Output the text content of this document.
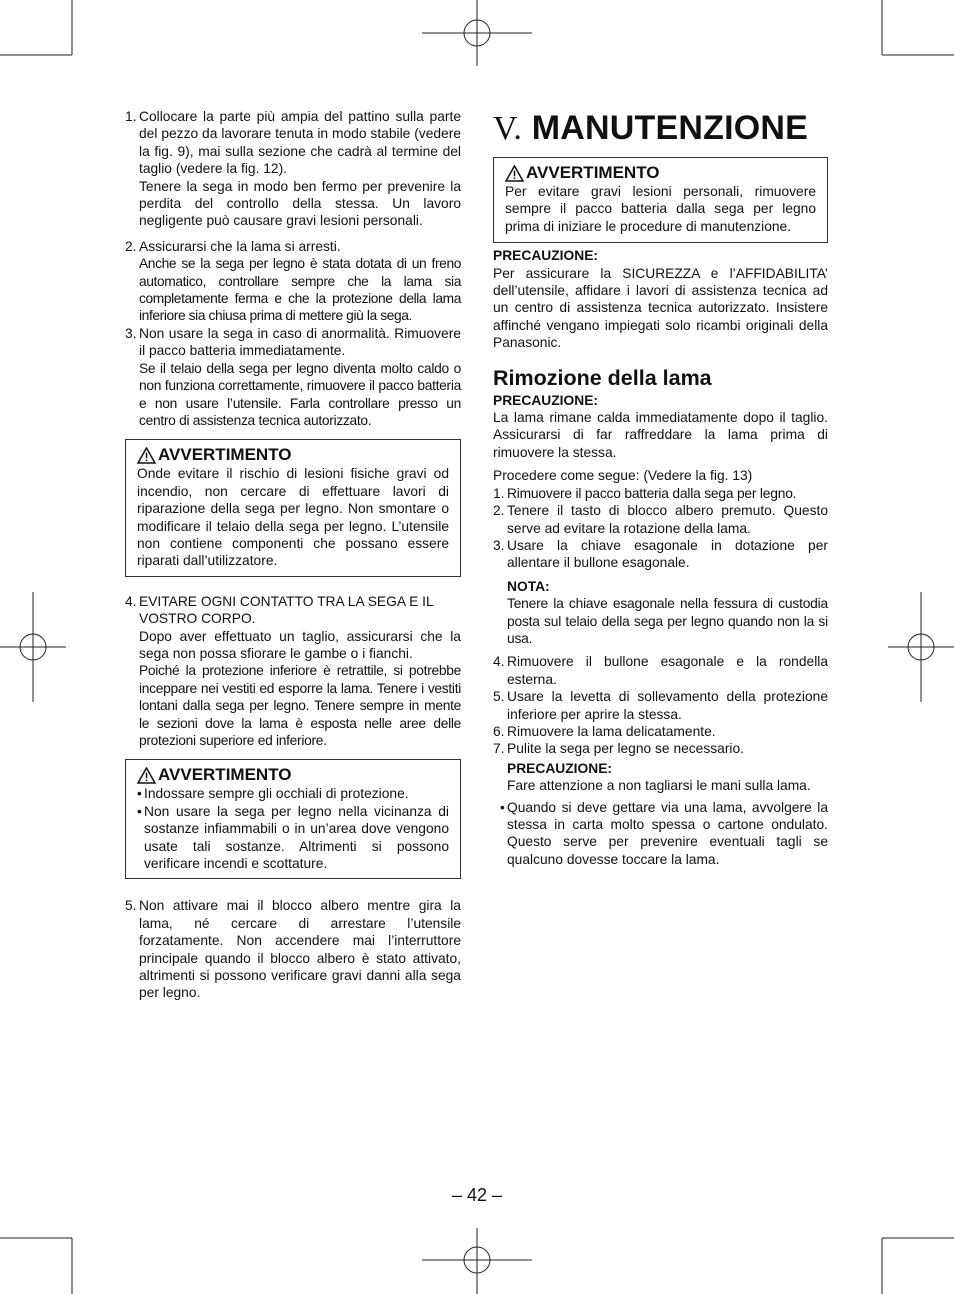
1. Collocare la parte più ampia del pattino sulla parte del pezzo da lavorare tenuta in modo stabile (vedere la fig. 9), mai sulla sezione che cadrà al termine del taglio (vedere la fig. 12).

Tenere la sega in modo ben fermo per prevenire la perdita del controllo della stessa. Un lavoro negligente può causare gravi lesioni personali.

2. Assicurarsi che la lama si arresti.

Anche se la sega per legno è stata dotata di un freno automatico, controllare sempre che la lama sia completamente ferma e che la protezione della lama inferiore sia chiusa prima di mettere giù la sega.

3. Non usare la sega in caso di anormalità. Rimuovere il pacco batteria immediatamente.

Se il telaio della sega per legno diventa molto caldo o non funziona correttamente, rimuovere il pacco batteria e non usare l’utensile. Farla controllare presso un centro di assistenza tecnica autorizzato.

AVVERTIMENTO
Onde evitare il rischio di lesioni fisiche gravi od incendio, non cercare di effettuare lavori di riparazione della sega per legno. Non smontare o modificare il telaio della sega per legno. L’utensile non contiene componenti che possano essere riparati dall’utilizzatore.
4. EVITARE OGNI CONTATTO TRA LA SEGA E IL VOSTRO CORPO.

Dopo aver effettuato un taglio, assicurarsi che la sega non possa sfiorare le gambe o i fianchi.

Poiché la protezione inferiore è retrattile, si potrebbe inceppare nei vestiti ed esporre la lama. Tenere i vestiti lontani dalla sega per legno. Tenere sempre in mente le sezioni dove la lama è esposta nelle aree delle protezioni superiore ed inferiore.

AVVERTIMENTO
• Indossare sempre gli occhiali di protezione.
• Non usare la sega per legno nella vicinanza di sostanze infiammabili o in un’area dove vengono usate tali sostanze. Altrimenti si possono verificare incendi e scottature.
5. Non attivare mai il blocco albero mentre gira la lama, né cercare di arrestare l’utensile forzatamente. Non accendere mai l’interruttore principale quando il blocco albero è stato attivato, altrimenti si possono verificare gravi danni alla sega per legno.

V. MANUTENZIONE
AVVERTIMENTO
Per evitare gravi lesioni personali, rimuovere sempre il pacco batteria dalla sega per legno prima di iniziare le procedure di manutenzione.
PRECAUZIONE:
Per assicurare la SICUREZZA e l’AFFIDABILITA’ dell’utensile, affidare i lavori di assistenza tecnica ad un centro di assistenza tecnica autorizzato. Insistere affinché vengano impiegati solo ricambi originali della Panasonic.
Rimozione della lama
PRECAUZIONE:
La lama rimane calda immediatamente dopo il taglio. Assicurarsi di far raffreddare la lama prima di rimuovere la stessa.
Procedere come segue: (Vedere la fig. 13)
1. Rimuovere il pacco batteria dalla sega per legno.

2. Tenere il tasto di blocco albero premuto. Questo serve ad evitare la rotazione della lama.

3. Usare la chiave esagonale in dotazione per allentare il bullone esagonale.

NOTA:

Tenere la chiave esagonale nella fessura di custodia posta sul telaio della sega per legno quando non la si usa.

4. Rimuovere il bullone esagonale e la rondella esterna.

5. Usare la levetta di sollevamento della protezione inferiore per aprire la stessa.

6. Rimuovere la lama delicatamente.

7. Pulite la sega per legno se necessario.

PRECAUZIONE:

Fare attenzione a non tagliarsi le mani sulla lama.

• Quando si deve gettare via una lama, avvolgere la stessa in carta molto spessa o cartone ondulato. Questo serve per prevenire eventuali tagli se qualcuno dovesse toccare la lama.
– 42 –
